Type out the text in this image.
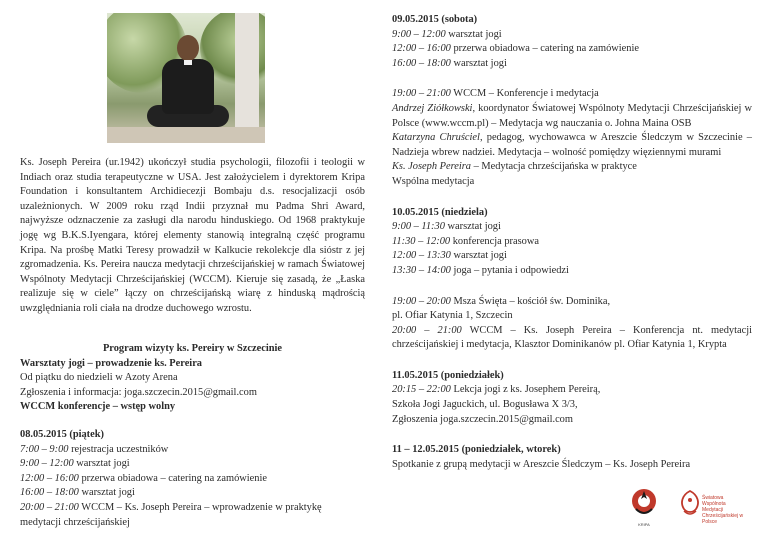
Ks. Joseph Pereira (ur.1942) ukończył studia psychologii, filozofii i teologii w Indiach oraz studia terapeutyczne w USA. Jest założycielem i dyrektorem Kripa Foundation i konsultantem Archidiecezji Bombaju d.s. resocjalizacji osób uzależnionych. W 2009 roku rząd Indii przyznał mu Padma Shri Award, najwyższe odznaczenie za zasługi dla narodu hinduskiego. Od 1968 praktykuje jogę wg B.K.S.Iyengara, której elementy stanowią integralną część programu Kripa. Na prośbę Matki Teresy prowadził w Kalkucie rekolekcje dla sióstr z jej zgromadzenia. Ks. Pereira naucza medytacji chrześcijańskiej w ramach Światowej Wspólnoty Medytacji Chrześcijańskiej (WCCM). Kieruje się zasadą, że „Łaska realizuje się w ciele” łączy on chrześcijańską wiarę z hinduską mądrością uwzględniania roli ciała na drodze duchowego wzrostu.

Program wizyty ks. Pereiry w Szczecinie

Warsztaty jogi – prowadzenie ks. Pereira

Od piątku do niedzieli w Azoty Arena

Zgłoszenia i informacja: joga.szczecin.2015@gmail.com

WCCM konferencje – wstęp wolny

08.05.2015 (piątek)

7:00 – 9:00 rejestracja uczestników

9:00 – 12:00 warsztat jogi

12:00 – 16:00 przerwa obiadowa – catering na zamówienie

16:00 – 18:00 warsztat jogi

20:00 – 21:00 WCCM – Ks. Joseph Pereira – wprowadzenie w praktykę medytacji chrześcijańskiej

09.05.2015 (sobota)

9:00 – 12:00 warsztat jogi

12:00 – 16:00 przerwa obiadowa – catering na zamówienie

16:00 – 18:00 warsztat jogi

19:00 – 21:00 WCCM – Konferencje i medytacja

Andrzej Ziółkowski, koordynator Światowej Wspólnoty Medytacji Chrześcijańskiej w Polsce (www.wccm.pl) – Medytacja wg nauczania o. Johna Maina OSB

Katarzyna Chruściel, pedagog, wychowawca w Areszcie Śledczym w Szczecinie – Nadzieja wbrew nadziei. Medytacja – wolność pomiędzy więziennymi murami

Ks. Joseph Pereira – Medytacja chrześcijańska w praktyce

Wspólna medytacja

10.05.2015 (niedziela)

9:00 – 11:30 warsztat jogi

11:30 – 12:00 konferencja prasowa

12:00 – 13:30 warsztat jogi

13:30 – 14:00 joga – pytania i odpowiedzi

19:00 – 20:00 Msza Święta – kościół św. Dominika,

pl. Ofiar Katynia 1, Szczecin

20:00 – 21:00 WCCM – Ks. Joseph Pereira – Konferencja nt. medytacji chrześcijańskiej i medytacja, Klasztor Dominikanów pl. Ofiar Katynia 1, Krypta

11.05.2015 (poniedziałek)

20:15 – 22:00 Lekcja jogi z ks. Josephem Pereirą,

Szkoła Jogi Jaguckich, ul. Bogusława X 3/3,

Zgłoszenia joga.szczecin.2015@gmail.com

11 – 12.05.2015 (poniedziałek, wtorek)

Spotkanie z grupą medytacji w Areszcie Śledczym – Ks. Joseph Pereira

KRIPA
Światowa
Wspólnota Medytacji
Chrześcijańskiej w Polsce
